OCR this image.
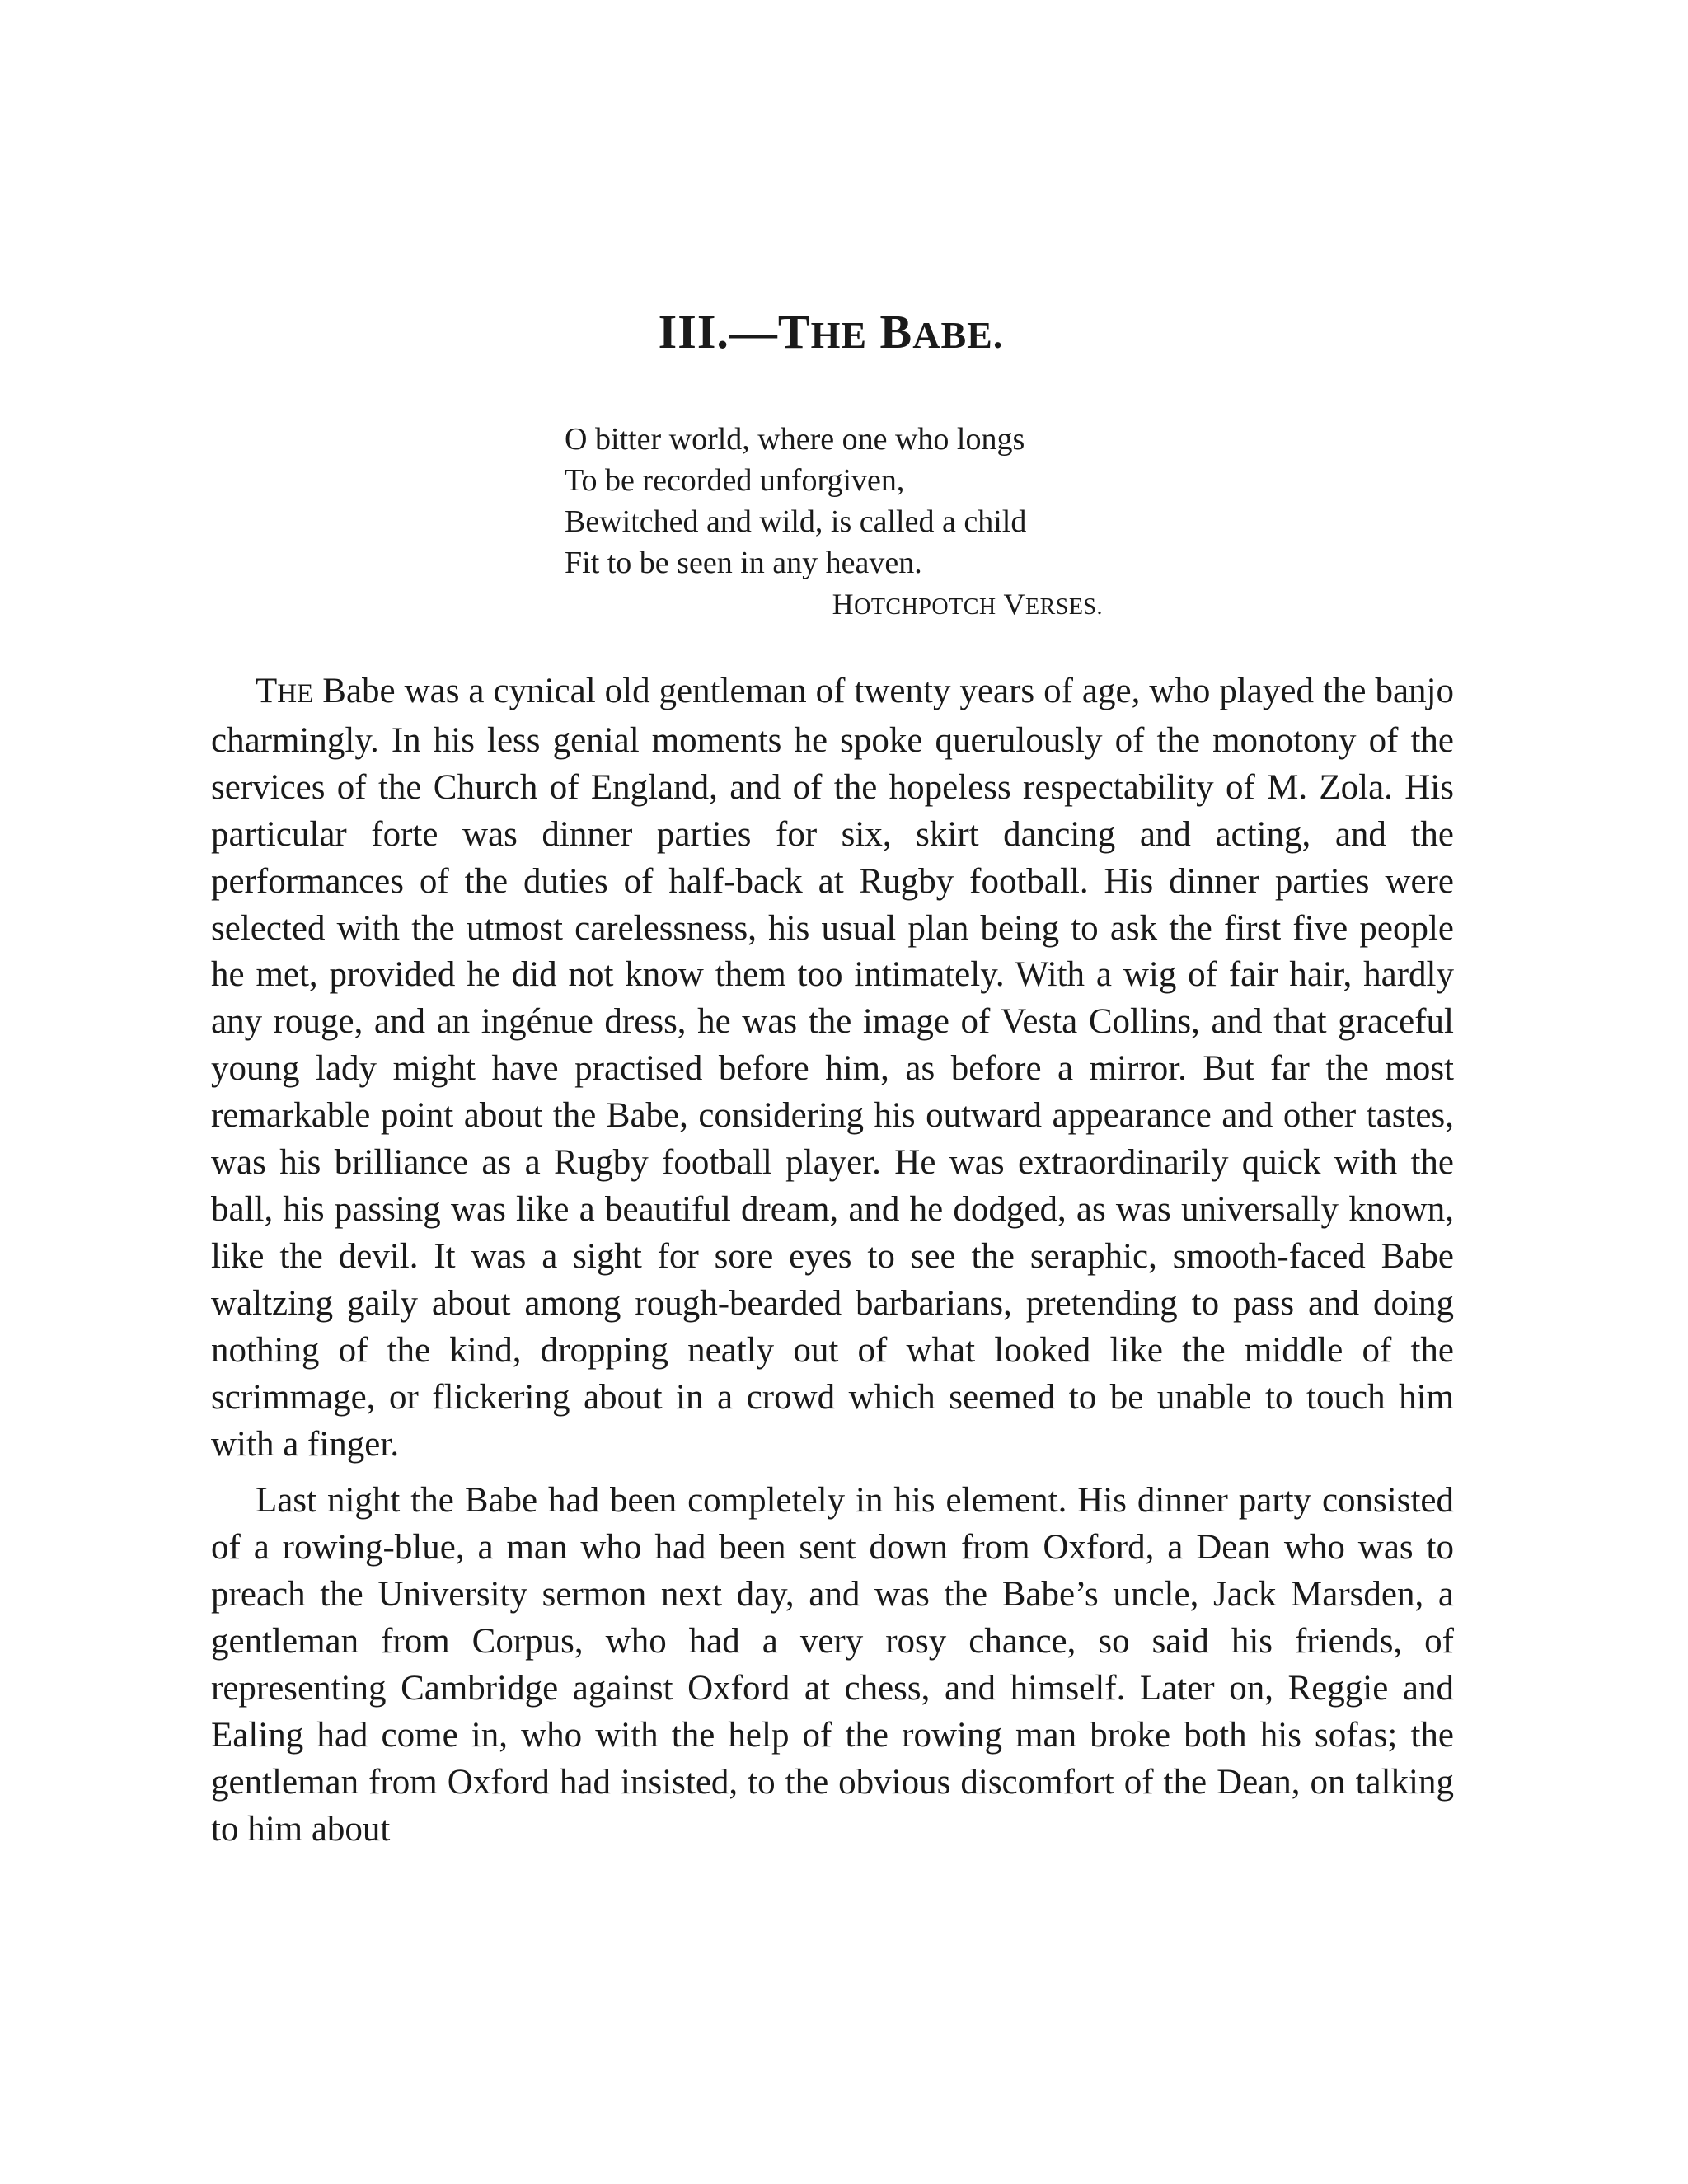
III.—THE BABE.
O bitter world, where one who longs
To be recorded unforgiven,
Bewitched and wild, is called a child
Fit to be seen in any heaven.
HOTCHPOTCH VERSES.

THE Babe was a cynical old gentleman of twenty years of age, who played the banjo charmingly. In his less genial moments he spoke querulously of the monotony of the services of the Church of England, and of the hopeless respectability of M. Zola. His particular forte was dinner parties for six, skirt dancing and acting, and the performances of the duties of half-back at Rugby football. His dinner parties were selected with the utmost carelessness, his usual plan being to ask the first five people he met, provided he did not know them too intimately. With a wig of fair hair, hardly any rouge, and an ingénue dress, he was the image of Vesta Collins, and that graceful young lady might have practised before him, as before a mirror. But far the most remarkable point about the Babe, considering his outward appearance and other tastes, was his brilliance as a Rugby football player. He was extraordinarily quick with the ball, his passing was like a beautiful dream, and he dodged, as was universally known, like the devil. It was a sight for sore eyes to see the seraphic, smooth-faced Babe waltzing gaily about among rough-bearded barbarians, pretending to pass and doing nothing of the kind, dropping neatly out of what looked like the middle of the scrimmage, or flickering about in a crowd which seemed to be unable to touch him with a finger.

Last night the Babe had been completely in his element. His dinner party consisted of a rowing-blue, a man who had been sent down from Oxford, a Dean who was to preach the University sermon next day, and was the Babe’s uncle, Jack Marsden, a gentleman from Corpus, who had a very rosy chance, so said his friends, of representing Cambridge against Oxford at chess, and himself. Later on, Reggie and Ealing had come in, who with the help of the rowing man broke both his sofas; the gentleman from Oxford had insisted, to the obvious discomfort of the Dean, on talking to him about
